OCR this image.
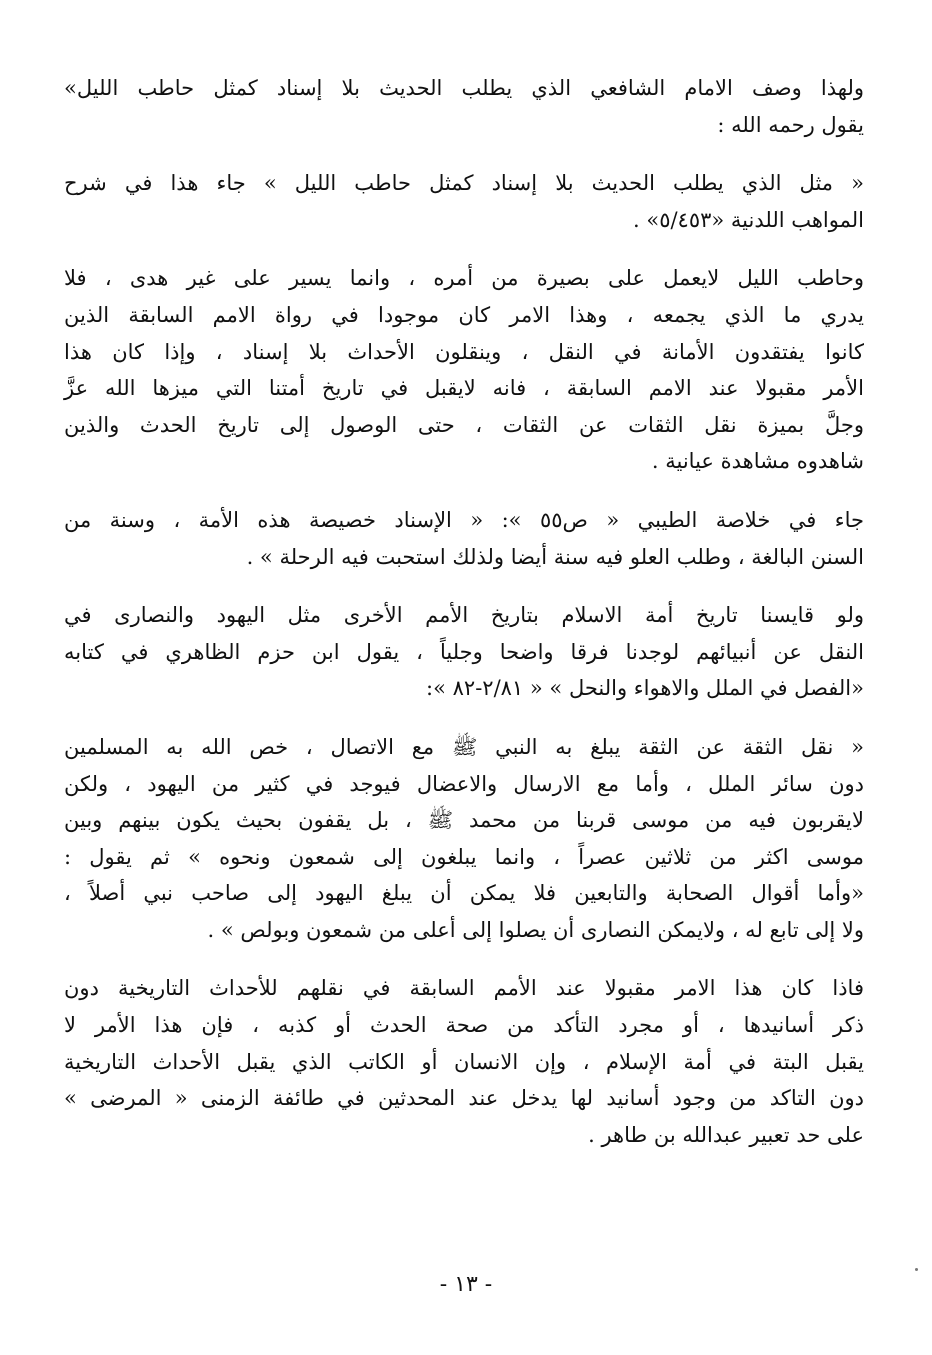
ولهذا وصف الامام الشافعي الذي يطلب الحديث بلا إسناد كمثل حاطب الليل»
يقول رحمه الله :

« مثل الذي يطلب الحديث بلا إسناد كمثل حاطب الليل » جاء هذا في شرح
المواهب اللدنية «٥/٤٥٣» .

وحاطب الليل لايعمل على بصيرة من أمره ، وانما يسير على غير هدى ، فلا
يدري ما الذي يجمعه ، وهذا الامر كان موجودا في رواة الامم السابقة الذين
كانوا يفتقدون الأمانة في النقل ، وينقلون الأحداث بلا إسناد ، وإذا كان هذا
الأمر مقبولا عند الامم السابقة ، فانه لايقبل في تاريخ أمتنا التي ميزها الله عزَّ
وجلَّ بميزة نقل الثقات عن الثقات ، حتى الوصول إلى تاريخ الحدث والذين
شاهدوه مشاهدة عيانية .

جاء في خلاصة الطيبي « ص٥٥ »: « الإسناد خصيصة هذه الأمة ، وسنة من
السنن البالغة ، وطلب العلو فيه سنة أيضا ولذلك استحبت فيه الرحلة » .

ولو قايسنا تاريخ أمة الاسلام بتاريخ الأمم الأخرى مثل اليهود والنصارى في
النقل عن أنبيائهم لوجدنا فرقا واضحا وجلياً ، يقول ابن حزم الظاهري في كتابه
«الفصل في الملل والاهواء والنحل » « ٢/٨١-٨٢ »:

« نقل الثقة عن الثقة يبلغ به النبي ﷺ مع الاتصال ، خص الله به المسلمين
دون سائر الملل ، وأما مع الارسال والاعضال فيوجد في كثير من اليهود ، ولكن
لايقربون فيه من موسى قربنا من محمد ﷺ ، بل يقفون بحيث يكون بينهم وبين
موسى اكثر من ثلاثين عصراً ، وانما يبلغون إلى شمعون ونحوه » ثم يقول :
«وأما أقوال الصحابة والتابعين فلا يمكن أن يبلغ اليهود إلى صاحب نبي أصلاً ،
ولا إلى تابع له ، ولايمكن النصارى أن يصلوا إلى أعلى من شمعون وبولص » .

فاذا كان هذا الامر مقبولا عند الأمم السابقة في نقلهم للأحداث التاريخية دون
ذكر أسانيدها ، أو مجرد التأكد من صحة الحدث أو كذبه ، فإن هذا الأمر لا
يقبل البتة في أمة الإسلام ، وإن الانسان أو الكاتب الذي يقبل الأحداث التاريخية
دون التاكد من وجود أسانيد لها يدخل عند المحدثين في طائفة الزمنى « المرضى »
على حد تعبير عبدالله بن طاهر .

- ١٣ -
